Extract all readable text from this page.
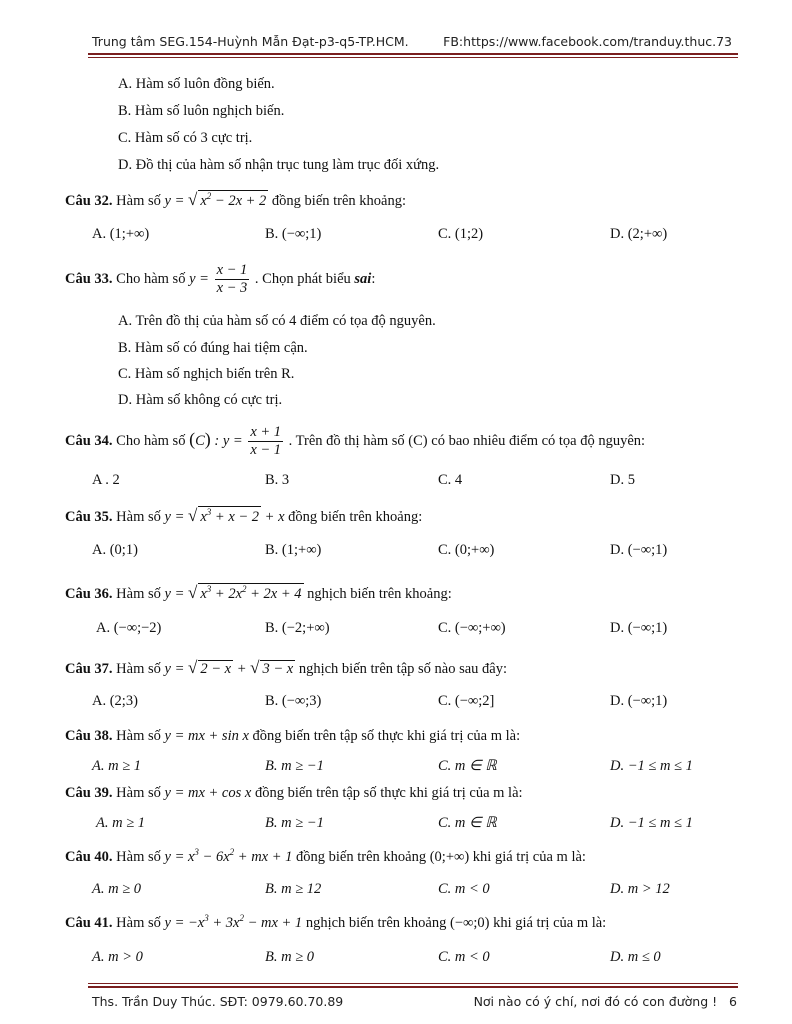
Trung tâm SEG.154-Huỳnh Mẫn Đạt-p3-q5-TP.HCM.	FB:https://www.facebook.com/tranduy.thuc.73
A. Hàm số luôn đồng biến.
B. Hàm số luôn nghịch biến.
C. Hàm số có 3 cực trị.
D. Đồ thị của hàm số nhận trục tung làm trục đối xứng.
Câu 32. Hàm số y = √ $x^2 - 2x + 2$ đồng biến trên khoảng:
A. (1;+∞)	B. (−∞;1)	C. (1;2)	D. (2;+∞)
Câu 33. Cho hàm số $y = \frac{x - 1}{x - 3}$ . Chọn phát biểu sai:
A. Trên đồ thị của hàm số có 4 điểm có tọa độ nguyên.
B. Hàm số có đúng hai tiệm cận.
C. Hàm số nghịch biến trên R.
D. Hàm số không có cực trị.
Câu 34. Cho hàm số (C) : $y = \frac{x + 1}{x - 1}$ . Trên đồ thị hàm số (C) có bao nhiêu điểm có tọa độ nguyên:
A . 2	B. 3	C. 4	D. 5
Câu 35. Hàm số y = √ $x^3 + x - 2 + x$ đồng biến trên khoảng:
A. (0;1)	B. (1;+∞)	C. (0;+∞)	D. (−∞;1)
Câu 36. Hàm số y = √ $x^3 + 2x^2 + 2x + 4$ nghịch biến trên khoảng:
A. (−∞;−2)	B. (−2;+∞)	C. (−∞;+∞)	D. (−∞;1)
Câu 37. Hàm số y = √ 2 − x + √ 3 − x nghịch biến trên tập số nào sau đây:
A. (2;3)	B. (−∞;3)	C. (−∞;2]	D. (−∞;1)
Câu 38. Hàm số y = mx + sin x đồng biến trên tập số thực khi giá trị của m là:
A. m ≥ 1	B. m ≥ −1	C. m ∈ ℝ	D. −1 ≤ m ≤ 1
Câu 39. Hàm số y = mx + cos x đồng biến trên tập số thực khi giá trị của m là:
A. m ≥ 1	B. m ≥ −1	C. m ∈ ℝ	D. −1 ≤ m ≤ 1
Câu 40. Hàm số $y = x^3 - 6x^2$ + mx + 1 đồng biến trên khoảng (0;+∞) khi giá trị của m là:
A. m ≥ 0	B. m ≥ 12	C. m < 0	D. m > 12
Câu 41. Hàm số $y = -x^3 + 3x^2$ − mx + 1 nghịch biến trên khoảng (−∞;0) khi giá trị của m là:
A. m > 0	B. m ≥ 0	C. m < 0	D. m ≤ 0
Ths. Trần Duy Thúc. SĐT: 0979.60.70.89	Nơi nào có ý chí, nơi đó có con đường ! 6
